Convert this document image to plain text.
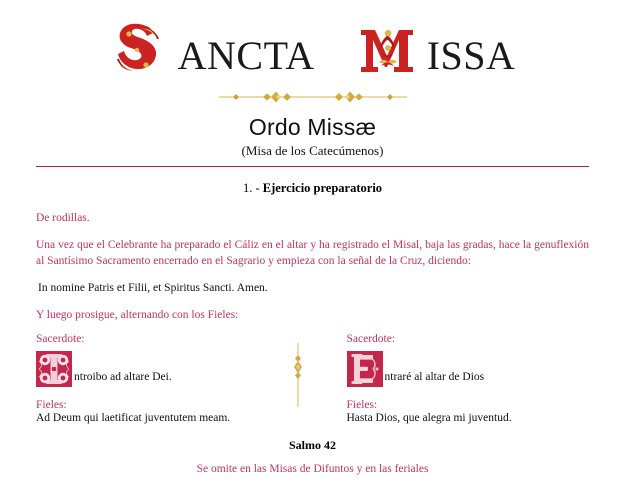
ANCTA	ISSA
Ordo Missæ
(Misa de los Catecúmenos)
1. - Ejercicio preparatorio

De rodillas.

Una vez que el Celebrante ha preparado el Cáliz en el altar y ha registrado el Misal, baja las gradas, hace la genuflexión al Santísimo Sacramento encerrado en el Sagrario y empieza con la señal de la Cruz, diciendo:

In nomine Patris et Filii, et Spiritus Sancti. Amen.

Y luego prosigue, alternando con los Fieles:

Sacerdote:

ntroibo ad altare Dei.

Fieles:

Ad Deum qui laetificat juventutem meam.

Sacerdote:

ntraré al altar de Dios

Fieles:

Hasta Dios, que alegra mi juventud.

Salmo 42

Se omite en las Misas de Difuntos y en las feriales
